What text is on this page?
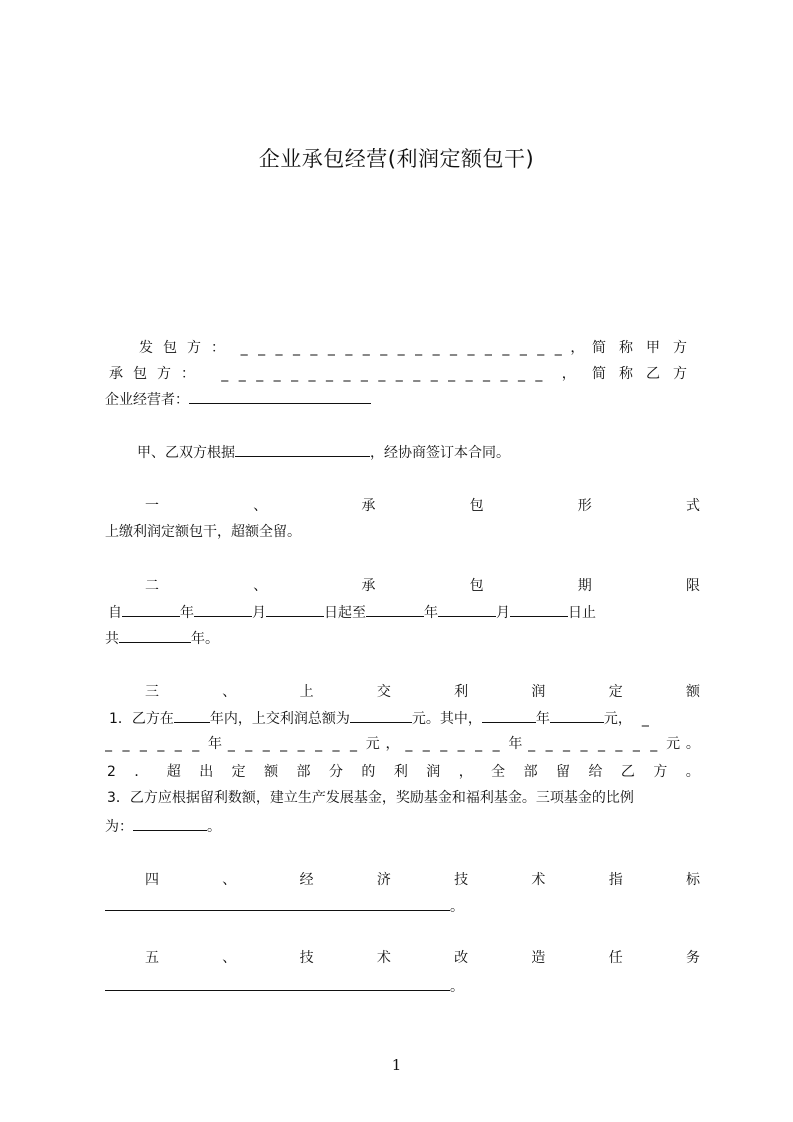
企业承包经营(利润定额包干)
发包方： _ _ _ _ _ _ _ _ _ _ _ _ _ _ _ _ _ _ _ ， 简称甲方
承包方： _ _ _ _ _ _ _ _ _ _ _ _ _ _ _ _ _ _ _ ， 简称乙方
企业经营者：
甲、乙双方根据	，经协商签订本合同。
一	、	承	包	形	式
上缴利润定额包干，超额全留。
二	、	承	包	期	限
自	年	月	日起至	年	月	日止
共	年。
三	、	上	交	利	润	定	额
1．乙方在	年内，上交利润总额为	元。其中，	年	元， _
_ _ _ _ _ _ 年 _ _ _ _ _ _ _ _ 元 ， _ _ _ _ _ _ 年 _ _ _ _ _ _ _ _ 元 。
2 ． 超 出 定 额 部 分 的 利 润 ， 全 部 留 给 乙 方 。
3．乙方应根据留利数额，建立生产发展基金，奖励基金和福利基金。三项基金的比例
为：	。
四	、	经	济	技	术	指	标
。
五	、	技	术	改	造	任	务
。
1
